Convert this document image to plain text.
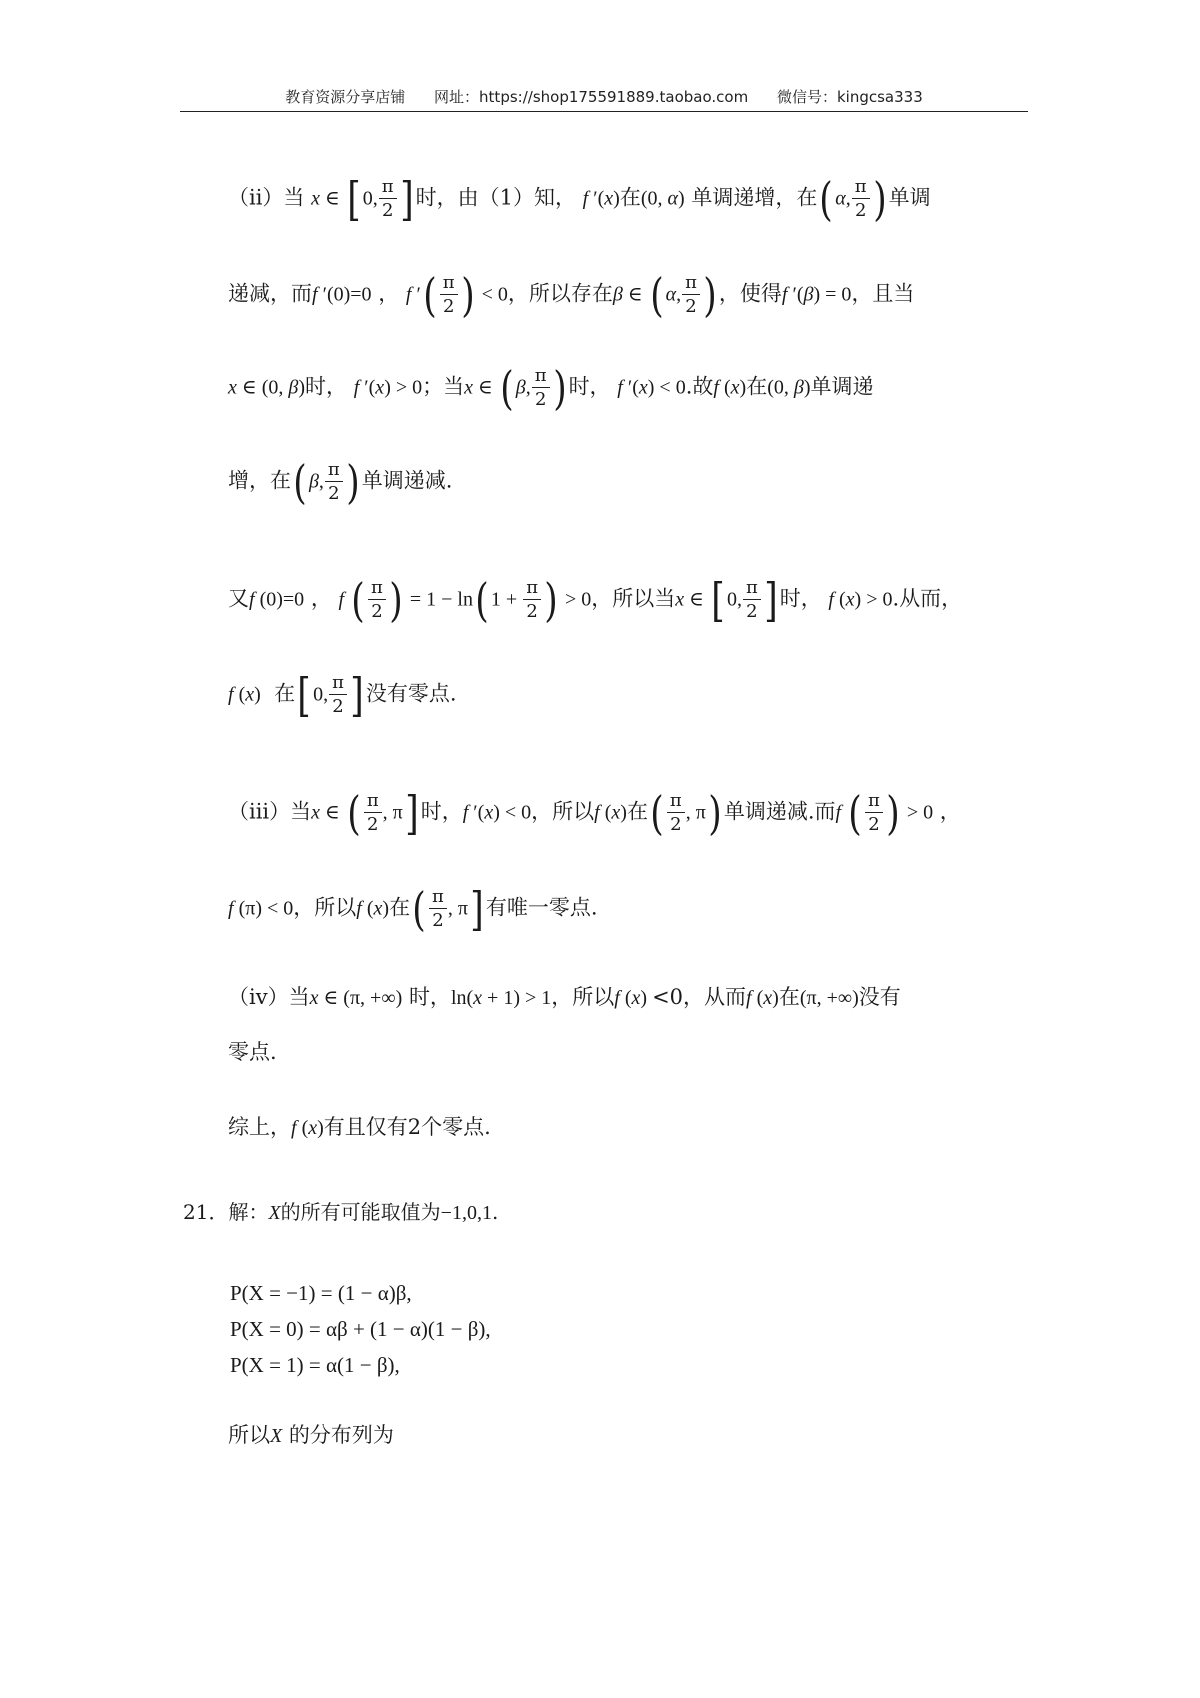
教育资源分享店铺 网址：https://shop175591889.taobao.com 微信号：kingcsa333
（ii）当 x ∈ [ 0, $\frac{\pi}{2}$ ] 时，由（1）知， f ′(x)在(0, α) 单调递增，在( α, $\frac{\pi}{2}$ ) 单调
递减，而f ′(0)=0 ， f ′( $\frac{\pi}{2}$ ) < 0，所以存在β ∈ ( α, $\frac{\pi}{2}$ ) ，使得f ′(β) = 0，且当
x ∈ (0, β)时， f ′(x) > 0；当x ∈ ( β, $\frac{\pi}{2}$ ) 时， f ′(x) < 0.故f (x)在(0, β)单调递
增，在( β, $\frac{\pi}{2}$ ) 单调递减.
又f (0)=0 ， f ( $\frac{\pi}{2}$ ) = 1 − ln( $1 + \frac{\pi}{2}$ ) > 0，所以当x ∈ [ 0, $\frac{\pi}{2}$ ] 时， f (x) > 0.从而，
f (x) 在[ 0, $\frac{\pi}{2}$ ] 没有零点.
（iii）当x ∈ ( $\frac{\pi}{2}$ , π] 时，f ′(x) < 0，所以f (x)在( $\frac{\pi}{2}$ , π) 单调递减.而f ( $\frac{\pi}{2}$ ) > 0 ，
f (π) < 0，所以f (x)在( $\frac{\pi}{2}$ , π] 有唯一零点.
（iv）当x ∈ (π, +∞) 时，ln(x + 1) > 1，所以f (x) <0，从而f (x)在(π, +∞)没有
零点.
综上，f (x)有且仅有2个零点.
21．解：X的所有可能取值为−1,0,1.
P(X = −1) = (1 − α)β,
P(X = 0) = αβ + (1 − α)(1 − β),
P(X = 1) = α(1 − β),
所以X 的分布列为
